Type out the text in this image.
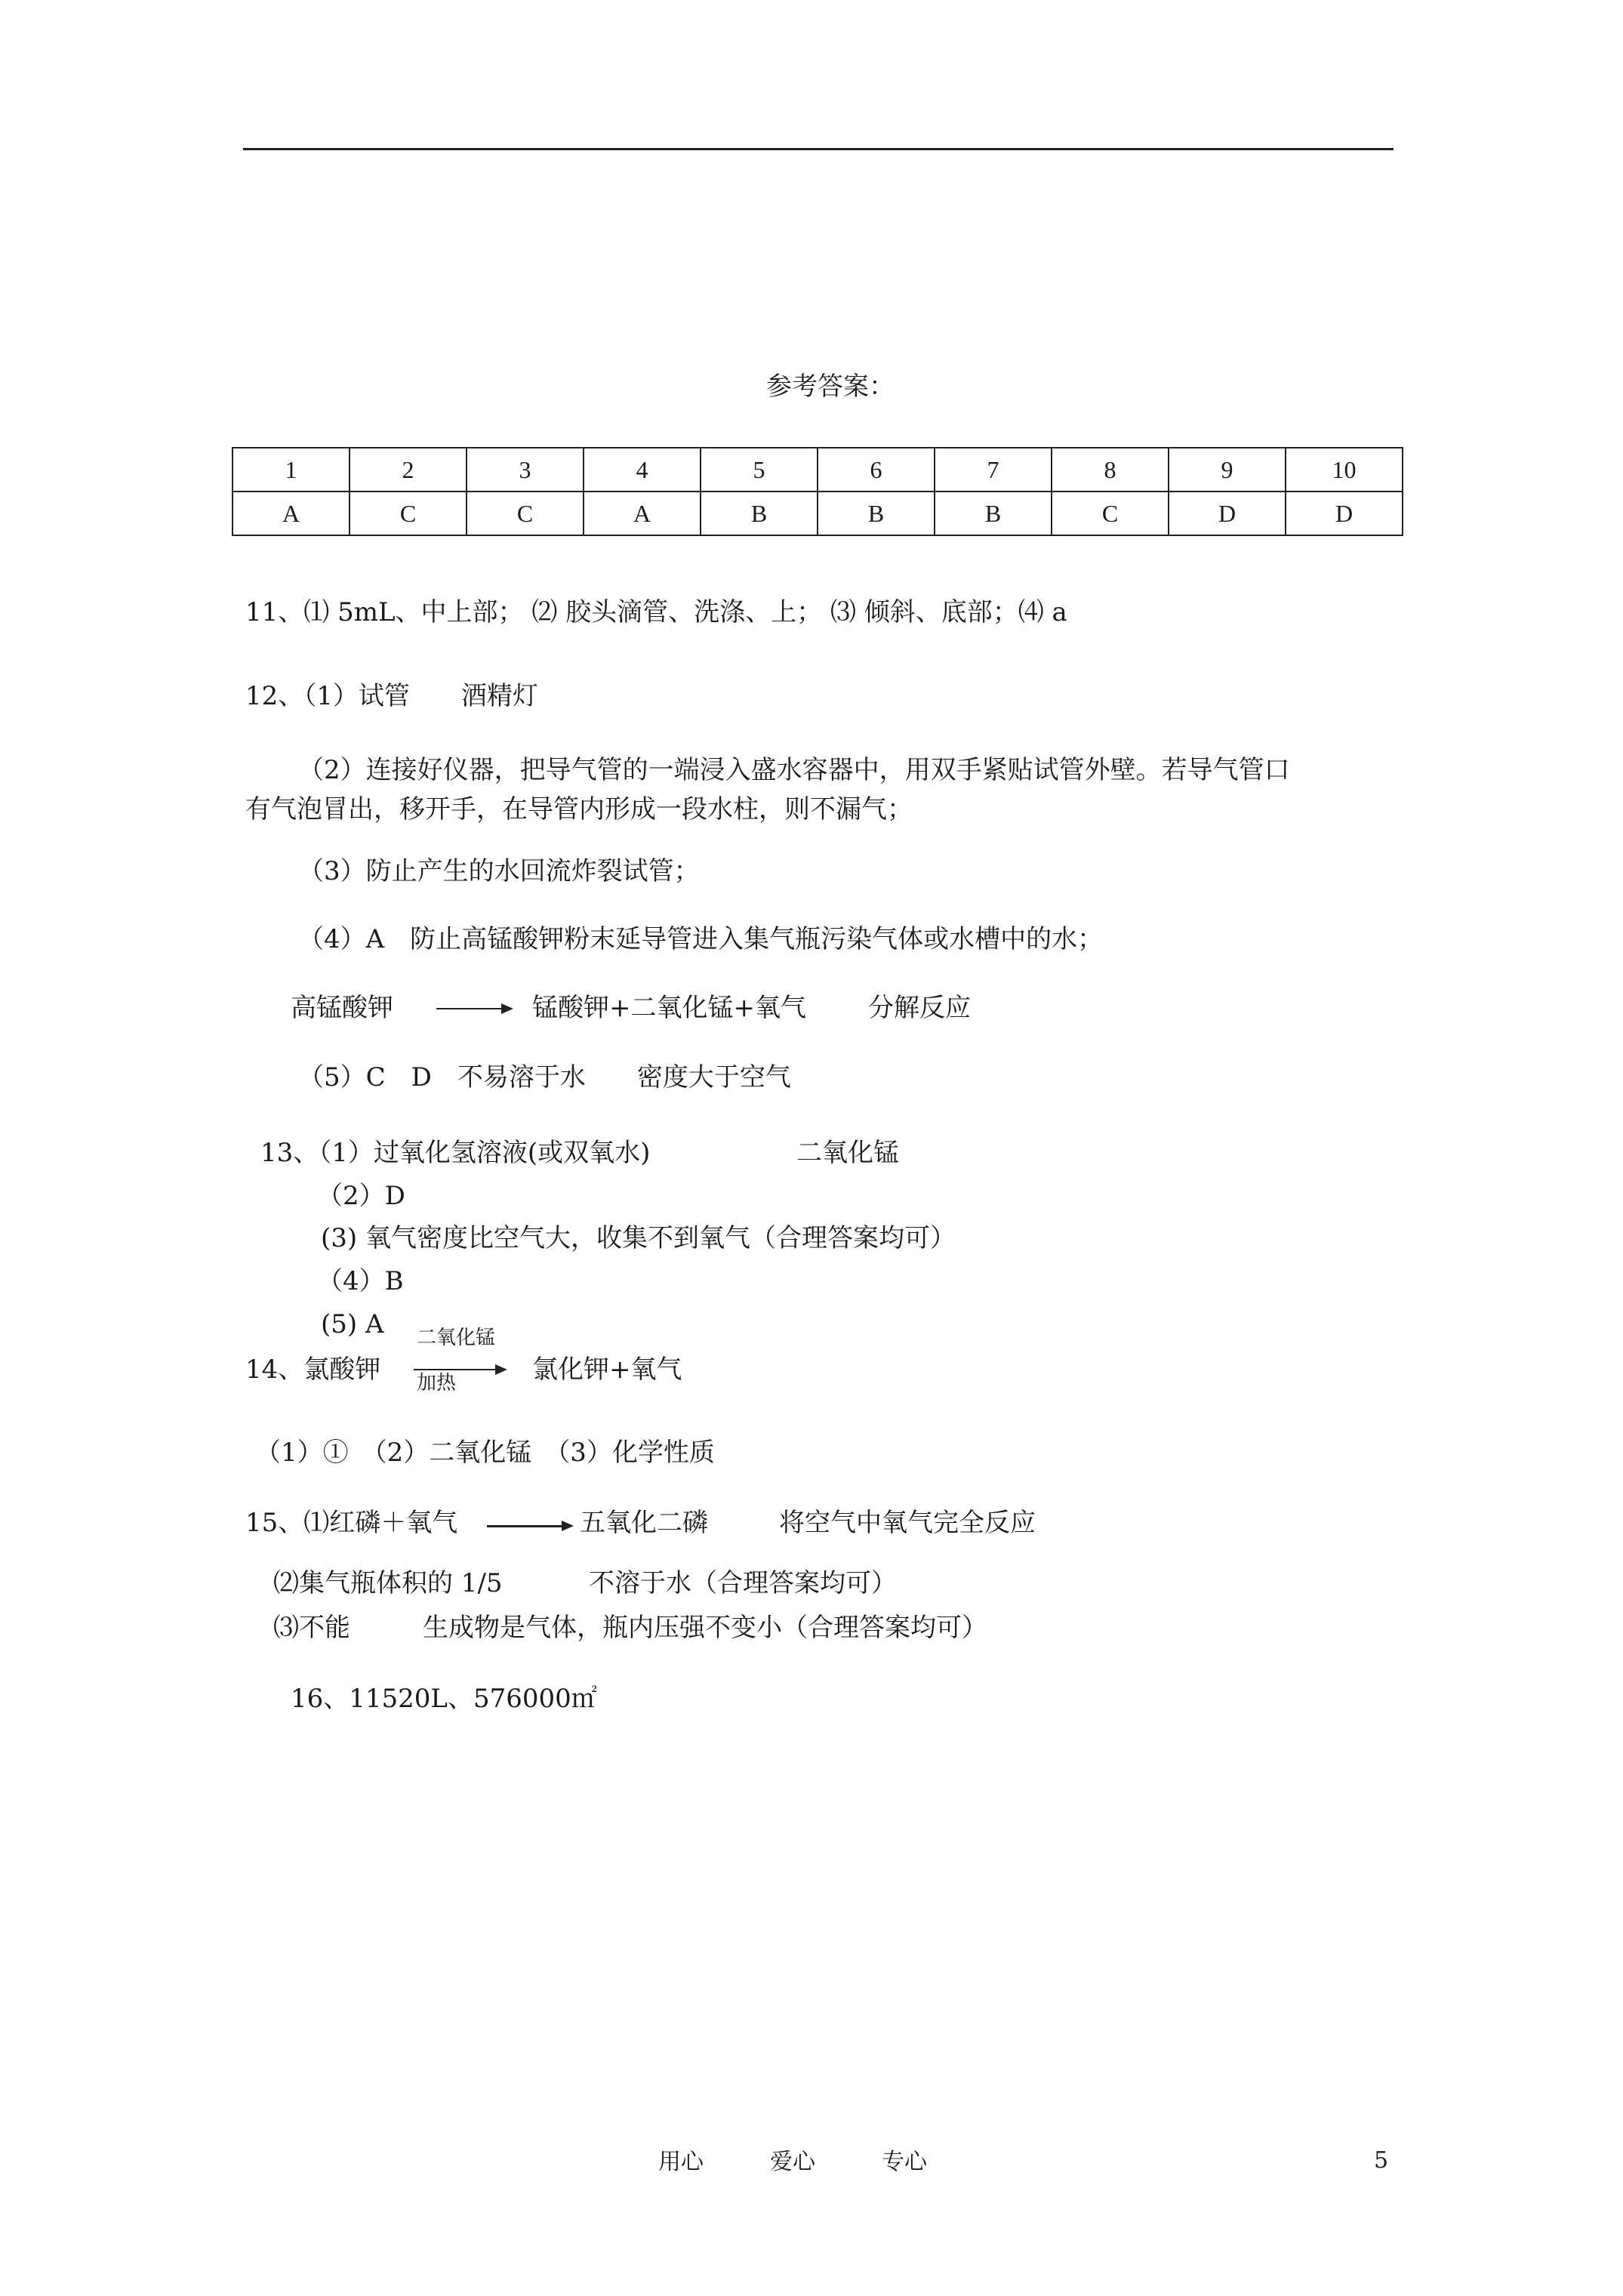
参考答案：
1	2	3	4	5	6	7	8	9	10
A	C	C	A	B	B	B	C	D	D
11、⑴ 5mL、中上部； ⑵ 胶头滴管、洗涤、上； ⑶ 倾斜、底部；⑷ a
12、（1）试管　　酒精灯
（2）连接好仪器，把导气管的一端浸入盛水容器中，用双手紧贴试管外壁。若导气管口
有气泡冒出，移开手，在导管内形成一段水柱，则不漏气；
（3）防止产生的水回流炸裂试管；
（4）A　防止高锰酸钾粉末延导管进入集气瓶污染气体或水槽中的水；
高锰酸钾	锰酸钾+二氧化锰+氧气 分解反应
（5）C　D　不易溶于水　　密度大于空气
13、（1）过氧化氢溶液(或双氧水)	二氧化锰
（2）D
(3) 氧气密度比空气大，收集不到氧气（合理答案均可）
（4）B
(5) A
14、氯酸钾
二氧化锰
加热	氯化钾+氧气
（1）①　（2）二氧化锰　（3）化学性质
15、⑴红磷＋氧气	五氧化二磷	将空气中氧气完全反应
⑵集气瓶体积的 1/5	不溶于水（合理答案均可）
⑶不能	生成物是气体，瓶内压强不变小（合理答案均可）
16、11520L、576000㎡
用心	爱心	专心	5
